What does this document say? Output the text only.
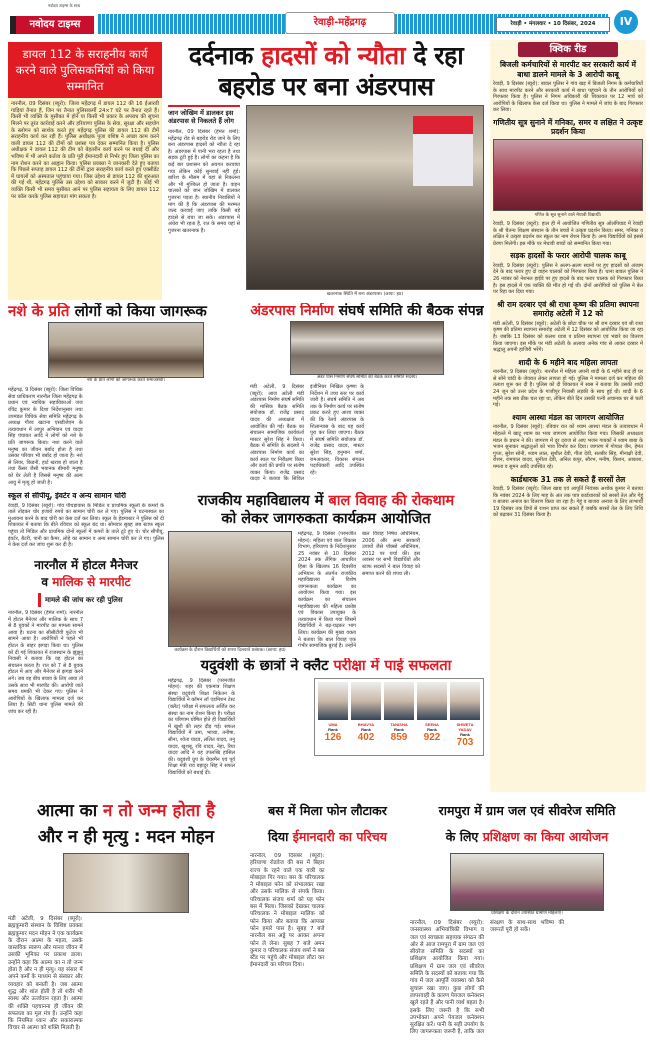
नवोदय टाइम्स के साथ
नवोदय टाइम्स	रेवाड़ी-महेंद्रगढ़	रेवाड़ी • मंगलवार • 10 दिसंबर, 2024	IV
डायल 112 के सराहनीय कार्य करने वाले पुलिसकर्मियों को किया सम्मानित
नारनौल, 09 दिसंबर (ब्यूरो): जिला महेंद्रगढ़ में डायल 112 की 16 ईआरवी गाड़ियां तैनात हैं, जिन पर तैनात पुलिसकर्मी 24×7 घंटे पर तैनात रहते हैं। किसी भी व्यक्ति के मुसीबत में होने या किसी भी प्रकार के अपराध की सूचना मिलने पर तुरंत कार्रवाई करने और हरियाणा पुलिस के सेवा, सुरक्षा और सहयोग के स्लोगन को सार्थक करते हुए महेंद्रगढ़ पुलिस की डायल 112 की टीमें सराहनीय कार्य कर रही हैं। पुलिस अधीक्षक पूजा वशिष्ठ ने अच्छा काम करने वाली डायल 112 की टीमों को प्रशंसा पत्र देकर सम्मानित किया है। पुलिस अधीक्षक ने डायल 112 की टीम को बेहतरीन कार्य करने पर बधाई दी और भविष्य में भी अपने कर्तव्य के प्रति पूरी ईमानदारी से निर्भर हुए जिला पुलिस का नाम रोशन करने का आह्वान किया। पुलिस प्रवक्ता ने जानकारी देते हुए बताया कि पिछले सप्ताह डायल 112 की टीमों द्वारा सराहनीय कार्य करते हुए एक्सीडेंट में घायलों को अस्पताल पहुंचाया गया। जिस उद्देश्य से डायल 112 की शुरुआत की गई थी, महेंद्रगढ़ पुलिस उस उद्देश्य को साकार करने में जुटी है। कोई भी व्यक्ति किसी भी समय मुसीबत आने पर पुलिस सहायता के लिए डायल 112 पर कॉल करके पुलिस सहायता मांग सकता है।
दर्दनाक हादसों को न्यौता दे रहा बहरोड पर बना अंडरपास
जान जोखिम में डालकर इस अंडरपास से निकलते हैं लोग
नारनौल, 09 दिसंबर (हेमंत शर्मा): महेंद्रगढ़ रोड से बहरोड रोड जाने के लिए बना अंडरपास हादसों को न्यौता दे रहा है। अंडरपास में पानी भरा रहता है तथा सड़क टूटी हुई है। लोगों का कहना है कि कई बार प्रशासन को अवगत करवाया गया लेकिन कोई सुनवाई नहीं हुई। बारिश के मौसम में यहां से निकलना और भी मुश्किल हो जाता है। वाहन चालकों को जान जोखिम में डालकर गुजरना पड़ता है। स्थानीय निवासियों ने मांग की है कि अंडरपास की मरम्मत जल्द करवाई जाए ताकि किसी बड़े हादसे से बचा जा सके। अंडरपास में अंधेरा भी रहता है, रात के समय यहां से गुजरना खतरनाक है।
खतरनाक स्थिति में बना अंडरपास। (छाया: हप्र)
क्विक रीड
बिजली कर्मचारियों से मारपीट कर सरकारी कार्य में बाधा डालने मामले के 3 आरोपी काबू
रेवाड़ी, 9 दिसंबर (ब्यूरो): बावल पुलिस ने गांव खड़ में बिजली निगम के कर्मचारियों के साथ मारपीट करने और सरकारी कार्य में बाधा पहुंचाने के तीन आरोपियों को गिरफ्तार किया है। पुलिस ने निगम अधिकारी की शिकायत पर 12 मार्च को आरोपियों के खिलाफ केस दर्ज किया था। पुलिस ने मामले में जांच के बाद गिरफ्तार कर लिया।
गणितीय सूत्र सुनाने में गनिका, समर व लक्षित ने उत्कृष्ट प्रदर्शन किया
गणित के सूत्र सुनाने वाले मेधावी विद्यार्थी।
रेवाड़ी, 9 दिसंबर (ब्यूरो): हाल ही में आयोजित गणितीय सूत्र ओलंपियाड में रेवाड़ी के श्री चैतन्य शिक्षण संस्थान के तीन बच्चों ने उत्कृष्ट प्रदर्शन किया। समर, गनिका व लक्षित ने उत्कृष्ट प्रदर्शन कर स्कूल का नाम रोशन किया है। अन्य विद्यार्थियों को इससे प्रेरणा मिलेगी। इस मौके पर मेधावी बच्चों को सम्मानित किया गया।
सड़क हादसों के फरार आरोपी चालक काबू
रेवाड़ी, 9 दिसंबर (ब्यूरो): पुलिस ने अलग-अलग स्थानों पर हुए हादसों को अंजाम देने के बाद फरार हुए दो वाहन चालकों को गिरफ्तार किया है। थाना बावल पुलिस ने 26 नवंबर को नेशनल हाईवे पर हुए हादसे के बाद फरार चालक को गिरफ्तार किया है। इस हादसे में एक व्यक्ति की मौत हो गई थी। दोनों आरोपियों को पुलिस ने बेल पर रिहा कर दिया गया।
श्री राम दरबार एवं श्री राधा कृष्ण की प्रतिमा स्थापना समारोह अटेली में 12 को
मंडी अटेली, 9 दिसंबर (ब्यूरो): अटेली के छोटा चौक पर श्री राम दरबार एवं श्री राधा कृष्ण की प्रतिमा स्थापना समारोह अटेली में 12 दिसंबर को आयोजित किया जा रहा है। जबकि 13 दिसंबर को कलश यात्रा व प्रतिमा स्थापना एवं भंडारे का वितरण किया जाएगा। इस मौके पर मंडी अटेली के अलावा अनेक गांव से आकर दरबार में श्रद्धालु अपनी हाजिरी भरेंगे।
शादी के 6 महीने बाद महिला लापता
नारनौल, 9 दिसंबर (ब्यूरो): नारनौल में महिला अपनी शादी के 6 महीने बाद ही घर से सोने चांदी के जेवरात लेकर लापता हो गई। पुलिस ने मामला दर्ज कर महिला की तलाश शुरू कर दी है। पुलिस को दी शिकायत में सास ने बताया कि उसकी शादी 24 जून को उत्तर प्रदेश के गाजीपुर निवासी लड़की के साथ हुई थी। शादी के 6 महीने तक सब ठीक चल रहा था, लेकिन बीते दिन उसकी पत्नी अचानक घर से चली गई।
श्याम आस्था मंडल का जागरण आयोजित
नारनौल, 9 दिसंबर (ब्यूरो): रविवार रात को श्याम आस्था मंडल के तत्वावधान में मोहल्ले में खाटू श्याम का भव्य जागरण आयोजित किया गया। जिसकी अध्यक्षता मंडल के प्रधान ने की। जागरण में दूर दराज से आए भजन गायकों ने श्याम बाबा के भजन सुनाकर श्रद्धालुओं को भाव विभोर कर दिया। जागरण में गोपाल जैन, हेमंत गुप्ता, सुरेश सोनी, श्याम लाल, सुशील देवी, गीता देवी, सतबीर सिंह, मीनाक्षी देवी, रोशन, रामपाल यादव, सुनीता देवी, अनिल कपूर, सौरभ, मनीष, किशन, आकाश, ममता व सुमन आदि उपस्थित रहे।
कार्डधारक 31 तक ले सकते हैं सरसों तेल
रेवाड़ी, 9 दिसंबर (ब्यूरो): जिला खाद्य एवं आपूर्ति नियंत्रक अशोक कुमार ने बताया कि नवंबर 2024 के लिए माह के अंत तक पात्र कार्डधारकों को सरसों तेल और गेहूं व बाजरा अनाज का वितरण किया जा रहा है। गेहूं व बाजरा अनाज के लिए लाभार्थी 19 दिसंबर तक डिपो से राशन प्राप्त कर सकते हैं जबकि सरसों तेल के लिए तिथि को बढ़ाकर 31 दिसंबर किया है।
नशे के प्रति लोगों को किया जागरूक
नशे के प्रति लोगों को जागरूक करते समाजसेवी।
महेंद्रगढ़, 9 दिसंबर (ब्यूरो): जिला विधिक सेवा प्राधिकरण नारनौल जिला महेंद्रगढ़ के प्रधान एवं न्यायिक सहायिकाओं जज रविंद्र कुमार के दिशा निर्देशानुसार तथा उपमंडल विधिक सेवा समिति महेंद्रगढ़ के अध्यक्ष गौरव खटाना एसडीजेएम के तत्वावधान में लापुर अभियान एवं यादव सिंह पंचायत आदि ने लोगों को नशे के प्रति जागरूक किया। नशा करने वाले मनुष्य का जीवन बर्बाद होता है तथा उसका परिवार भी बर्बाद हो जाता है। नशे से लिवर, किडनी, हार्ट खराब हो जाता है तथा कैंसर जैसी भयानक बीमारी मनुष्य को घेर लेती है जिससे मनुष्य की अल्प आयु में मृत्यु हो जाती है।
अंडरपास निर्माण संघर्ष समिति की बैठक संपन्न
अंडर पास निर्माण संघर्ष समिति की बैठक करते समिति सदस्य।
मंडी अटेली, 9 दिसंबर (ब्यूरो): आज अटेली मंडी अंडरपास निर्माण संघर्ष समिति की मासिक बैठक समिति संयोजक डॉ. राजेंद्र प्रसाद यादव की अध्यक्षता में आयोजित की गई। बैठक का संचालन सामाजिक कार्यकर्ता मास्टर सुरेश सिंह ने किया। बैठक में समिति के सदस्यों ने अंडरपास निर्माण कार्य का कार्य स्थल पर निरीक्षण किया और कार्य की प्रगति पर संतोष व्यक्त किया। राजेंद्र प्रसाद यादव ने बताया कि सिविल इंजीनियर निखिल कृष्णा के निर्देशन में उच्च स्तर पर कार्य जारी है। संघर्ष समिति ने अब तक के निर्माण कार्य पर संतोष प्रकट करते हुए आशा व्यक्त की कि रेलवे अंडरपास के शिलान्यास के बाद यह कार्य पूरा कर लिया जाएगा। बैठक में संघर्ष समिति संयोजक डॉ. राजेंद्र प्रसाद यादव, मास्टर सुरेश सिंह, हनुमान शर्मा, रामअवतार, विकास संगठन पदाधिकारी आदि उपस्थित रहे।
स्कूल से सीपीयू, इंवर्टर व अन्य सामान चोरी
रेवाड़ी, 9 दिसंबर (ब्यूरो): गांव पीथड़ावास के मिडिल व प्राथमिक स्कूलों के कमरों के ताले तोड़कर चोर हजारों रुपये का सामान चोरी कर ले गए। पुलिस ने घटनास्थल का मुआयना करने के बाद चोरी का केस दर्ज कर लिया। स्कूल के हेडमास्टर ने पुलिस को दी शिकायत में बताया कि बीते रविवार को स्कूल बंद था। सोमवार सुबह जब स्टाफ स्कूल पहुंचा तो मिडिल और प्राथमिक दोनों स्कूलों में कमरों के ताले टूटे हुए थे। चोर सीपीयू, इंवर्टर, बैटरी, पानी का कैमर, लोहे का सामान व अन्य सामान चोरी कर ले गए। पुलिस ने केस दर्ज कर जांच शुरू कर दी है।
नारनौल में होटल मैनेजर
व मालिक से मारपीट
मामले की जांच कर रही पुलिस
नारनौल, 9 दिसंबर (हेमंत शर्मा): नारनौल में होटल मैनेजर और मालिक के साथ 7 से 8 युवकों ने मारपीट का मामला सामने आया है। घटना का सीसीटीवी फुटेज भी सामने आया है। आरोपियों ने पहले भी होटल के बाहर झगड़ा किया था। पुलिस को दी गई शिकायत में राजस्थान के झुंझुनूं निवासी ने बताया कि वह होटल का संचालन करता है। रात को 7 से 8 युवक होटल में आए और मैनेजर से झगड़ा करने लगे। जब वह बीच बचाव के लिए आया तो उसके साथ भी मारपीट की। आरोपी जाते समय धमकी भी देकर गए। पुलिस ने आरोपियों के खिलाफ मामला दर्ज कर लिया है। सिटी थाना पुलिस मामले की जांच कर रही है।
राजकीय महाविद्यालय में बाल विवाह की रोकथाम
को लेकर जागरुकता कार्यक्रम आयोजित
कार्यक्रम के दौरान विद्यार्थियों को शपथ दिलवाते प्रबंधक। (छाया: हप्र)
महेंद्रगढ़, 9 दिसंबर (परमजीत मोहन): महिला एवं बाल विकास विभाग, हरियाणा के निर्देशानुसार 25 नवंबर से 10 दिसंबर 2024 तक लैंगिक आधारित हिंसा के खिलाफ 16 दिवसीय अभियान के अंतर्गत राजकीय महाविद्यालय में विशेष जागरूकता कार्यक्रम का आयोजन किया गया। इस कार्यक्रम का संचालन महाविद्यालय की महिला प्रकोष्ठ एवं विकास उपायुक्त के तत्वावधान में किया गया जिसमें विद्यार्थियों ने बढ़-चढ़कर भाग लिया। कार्यक्रम की मुख्य वक्ता ने बताया कि बाल विवाह एक गंभीर सामाजिक बुराई है। उन्होंने बाल विवाह निषेध अधिनियम, 2006 और अन्य सरकारी उपायों जैसे पॉक्सो अधिनियम, 2012 पर चर्चा की। इस अवसर पर सभी विद्यार्थियों और स्टाफ सदस्यों ने बाल विवाह को समाप्त करने की शपथ ली।
यदुवंशी के छात्रों ने क्लैट परीक्षा में पाई सफलता
महेंद्रगढ़, 9 दिसंबर (परमजीत मोहन): शहर की एकमात्र शिक्षण संस्था यदुवंशी शिक्षा निकेतन के विद्यार्थियों ने कॉमन लॉ एडमिशन टेस्ट (क्लैट) परीक्षा में सफलता अर्जित कर संस्था का नाम रोशन किया है। परीक्षा का परिणाम घोषित होते ही विद्यार्थियों में खुशी की लहर दौड़ गई। सफल विद्यार्थियों में उमा, भाव्या, तनीषा, सीना, श्वेता यादव, ललित यादव, तनु यादव, खुशबू, रवि यादव, नेहा, रिया यादव आदि ने यह उपलब्धि हासिल की। यदुवंशी ग्रुप के चेयरमैन एवं पूर्व शिक्षा मंत्री राव बहादुर सिंह ने सफल विद्यार्थियों को बधाई दी।
UMA
Rank
126
BHAVYA
Rank
402
TANISHA
Rank
859
SEENA
Rank
922
SHWETA YADAV
Rank
703
आत्मा का न तो जन्म होता है
और न ही मृत्यु : मदन मोहन
मंडी अटेली, 9 दिसंबर (ब्यूरो): ब्रह्मकुमारी संस्थान के विशिष्ट प्रवक्ता ब्रह्मकुमार मदन मोहन ने एक कार्यक्रम के दौरान आत्मा के महत्व, उसके वास्तविक स्वरूप और मानव जीवन में उसकी भूमिका पर प्रकाश डाला। उन्होंने कहा कि आत्मा का न तो जन्म होता है और न ही मृत्यु। यह संसार में अपने कर्मों के माध्यम से संस्कार और व्यवहार को बनाती है। जब आत्मा शुद्ध और शांत होती है तो शरीर भी स्वस्थ और ऊर्जावान रहता है। आत्मा की शक्ति पहचानना ही जीवन की सफलता का मूल मंत्र है। उन्होंने कहा कि नियमित ध्यान और सकारात्मक विचार से आत्मा को शक्ति मिलती है।
बस में मिला फोन लौटाकर
दिया ईमानदारी का परिचय
नारनौल, 09 दिसंबर (ब्यूरो): हरियाणा रोडवेज की बस में बिहार राज्य के रहने वाले एक यात्री का मोबाइल गिर गया। बस के परिचालक ने मोबाइल फोन को संभालकर रखा और उसके मालिक से संपर्क किया। परिचालक संजय शर्मा को यह फोन बस में मिला। जिसको देखकर चालक परिचालक ने मोबाइल मालिक को फोन किया और बताया कि आपका फोन हमारे पास है। सुबह 7 बजे नारनौल बस अड्डे पर आकर अपना फोन ले लेना। सुबह 7 बजे अमन कुमार व परिचालक संजय शर्मा ने बस स्टैंड पर पहुंचे और मोबाइल लौटा कर ईमानदारी का परिचय दिया।
रामपुरा में ग्राम जल एवं सीवरेज समिति
के लिए प्रशिक्षण का किया आयोजन
प्रशिक्षण के दौरान उपस्थित ग्रामीण महिलाएं।
नारनौल, 09 दिसंबर (ब्यूरो): जनस्वास्थ्य अभियांत्रिकी विभाग व जल एवं स्वच्छता सहायक संगठन की ओर से आज रामपुरा में ग्राम जल एवं सीवरेज समिति के सदस्यों का प्रशिक्षण आयोजित किया गया। प्रशिक्षण में ग्राम जल एवं सीवरेज समिति के सदस्यों को बताया गया कि गांव में जल आपूर्ति व्यवस्था को कैसे सुचारू रखा जाए। कुछ लोगों की लापरवाही के कारण पेयजल कनेक्शन खुले रहते हैं और पानी व्यर्थ बहता है। इसके लिए जरूरी है कि सभी उपभोक्ता अपने पेयजल कनेक्शन सुरक्षित करें। पानी के सही उपयोग के लिए जागरूकता जरूरी है, ताकि जल संरक्षण के साथ-साथ भविष्य की जरूरतें पूरी हो सकें।
